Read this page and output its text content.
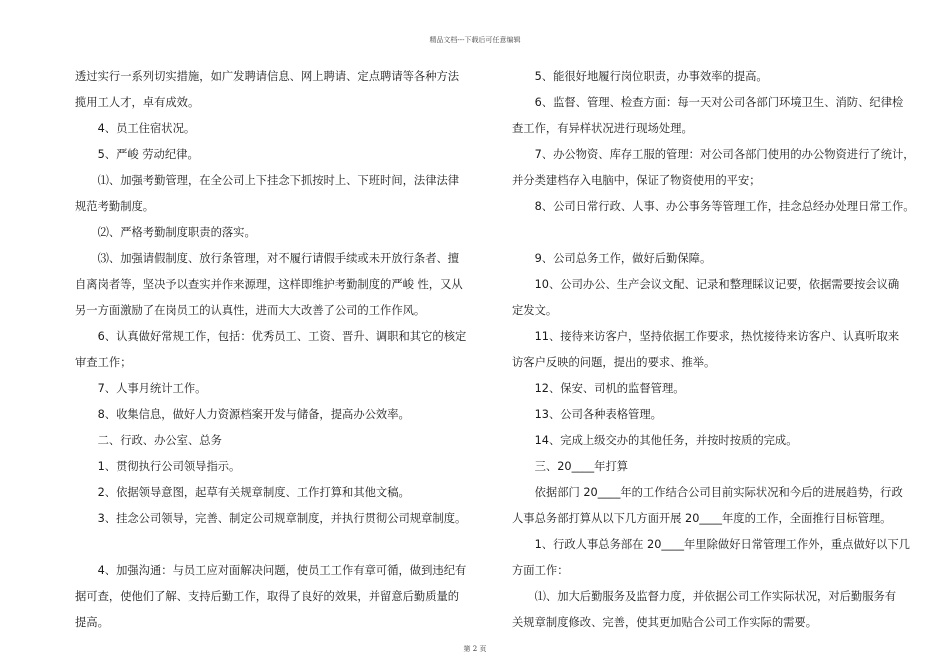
精品文档---下载后可任意编辑

透过实行一系列切实措施，如广发聘请信息、网上聘请、定点聘请等各种方法

揽用工人才，卓有成效。

　　4、员工住宿状况。

　　5、严峻 劳动纪律。

　　⑴、加强考勤管理，在全公司上下挂念下抓按时上、下班时间，法律法律

规范考勤制度。

　　⑵、严格考勤制度职责的落实。

　　⑶、加强请假制度、放行条管理，对不履行请假手续或未开放行条者、擅

自离岗者等，坚决予以查实并作来源理，这样即维护考勤制度的严峻 性，又从

另一方面激励了在岗员工的认真性，进而大大改善了公司的工作作风。

　　6、认真做好常规工作，包括：优秀员工、工资、晋升、调职和其它的核定

审查工作；

　　7、人事月统计工作。

　　8、收集信息，做好人力资源档案开发与储备，提高办公效率。

　　二、行政、办公室、总务

　　1、贯彻执行公司领导指示。

　　2、依据领导意图，起草有关规章制度、工作打算和其他文稿。

　　3、挂念公司领导，完善、制定公司规章制度，并执行贯彻公司规章制度。

　　4、加强沟通：与员工应对面解决问题，使员工工作有章可循，做到违纪有

据可查，使他们了解、支持后勤工作，取得了良好的效果，并留意后勤质量的

提高。

　　5、能很好地履行岗位职责，办事效率的提高。

　　6、监督、管理、检查方面：每一天对公司各部门环境卫生、消防、纪律检

查工作，有异样状况进行现场处理。

　　7、办公物资、库存工服的管理：对公司各部门使用的办公物资进行了统计，

并分类建档存入电脑中，保证了物资使用的平安；

　　8、公司日常行政、人事、办公事务等管理工作，挂念总经办处理日常工作。

　　9、公司总务工作，做好后勤保障。

　　10、公司办公、生产会议文配、记录和整理睬议记要，依据需要按会议确

定发文。

　　11、接待来访客户，坚持依据工作要求，热忱接待来访客户、认真听取来

访客户反映的问题，提出的要求、推举。

　　12、保安、司机的监督管理。

　　13、公司各种表格管理。

　　14、完成上级交办的其他任务，并按时按质的完成。

　　三、20____年打算

　　依据部门 20____年的工作结合公司目前实际状况和今后的进展趋势，行政

人事总务部打算从以下几方面开展 20____年度的工作，全面推行目标管理。

　　1、行政人事总务部在 20____年里除做好日常管理工作外，重点做好以下几

方面工作：

　　⑴、加大后勤服务及监督力度，并依据公司工作实际状况，对后勤服务有

关规章制度修改、完善，使其更加贴合公司工作实际的需要。

第 2 页
